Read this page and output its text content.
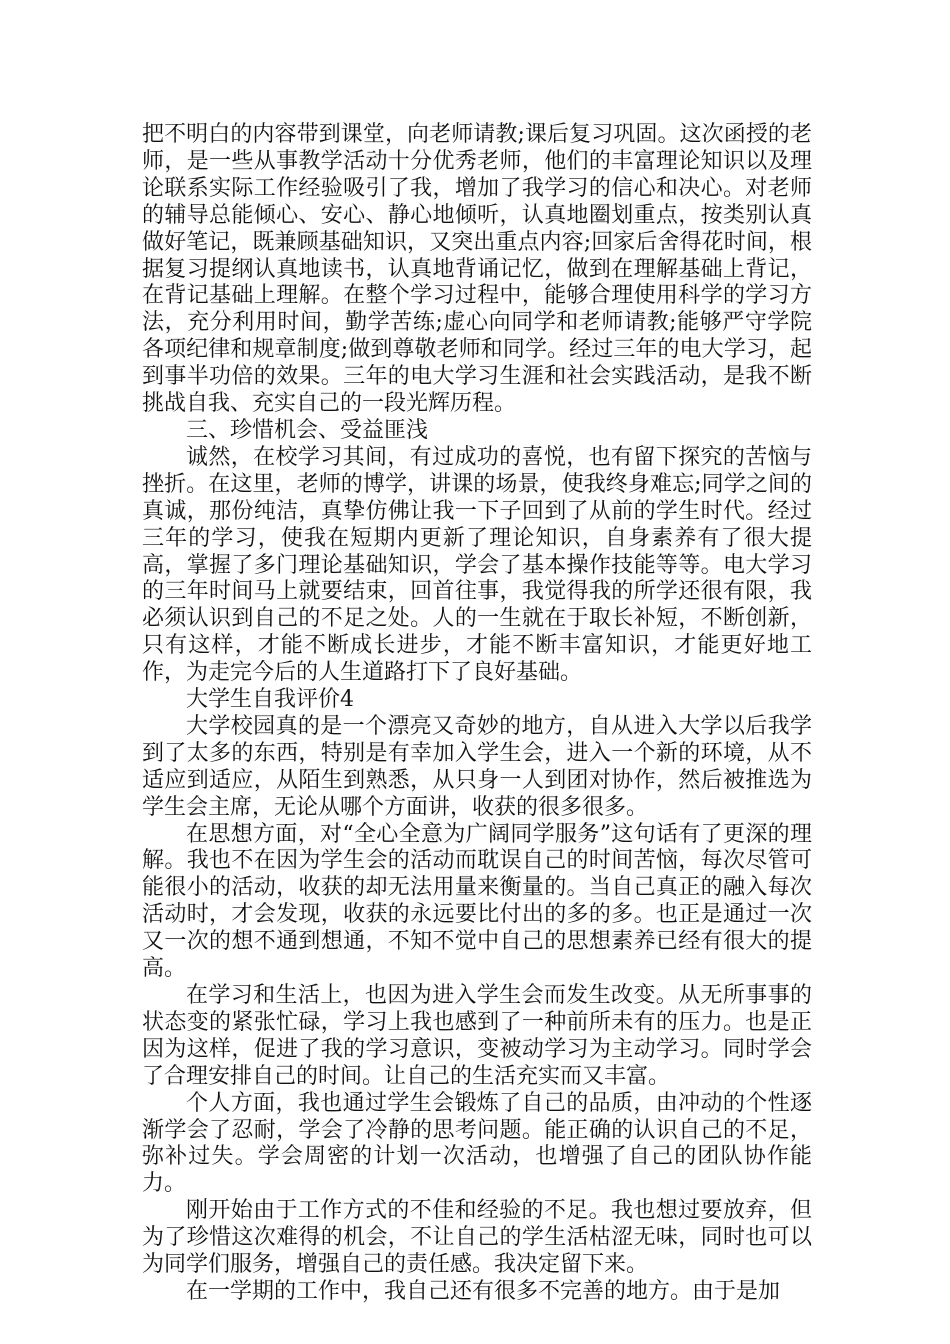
把不明白的内容带到课堂，向老师请教;课后复习巩固。这次函授的老师，是一些从事教学活动十分优秀老师，他们的丰富理论知识以及理论联系实际工作经验吸引了我，增加了我学习的信心和决心。对老师的辅导总能倾心、安心、静心地倾听，认真地圈划重点，按类别认真做好笔记，既兼顾基础知识，又突出重点内容;回家后舍得花时间，根据复习提纲认真地读书，认真地背诵记忆，做到在理解基础上背记，在背记基础上理解。在整个学习过程中，能够合理使用科学的学习方法，充分利用时间，勤学苦练;虚心向同学和老师请教;能够严守学院各项纪律和规章制度;做到尊敬老师和同学。经过三年的电大学习，起到事半功倍的效果。三年的电大学习生涯和社会实践活动，是我不断挑战自我、充实自己的一段光辉历程。

三、珍惜机会、受益匪浅

诚然，在校学习其间，有过成功的喜悦，也有留下探究的苦恼与挫折。在这里，老师的博学，讲课的场景，使我终身难忘;同学之间的真诚，那份纯洁，真挚仿佛让我一下子回到了从前的学生时代。经过三年的学习，使我在短期内更新了理论知识，自身素养有了很大提高，掌握了多门理论基础知识，学会了基本操作技能等等。电大学习的三年时间马上就要结束，回首往事，我觉得我的所学还很有限，我必须认识到自己的不足之处。人的一生就在于取长补短，不断创新，只有这样，才能不断成长进步，才能不断丰富知识，才能更好地工作，为走完今后的人生道路打下了良好基础。

大学生自我评价4

大学校园真的是一个漂亮又奇妙的地方，自从进入大学以后我学到了太多的东西，特别是有幸加入学生会，进入一个新的环境，从不适应到适应，从陌生到熟悉，从只身一人到团对协作，然后被推选为学生会主席，无论从哪个方面讲，收获的很多很多。

在思想方面，对“全心全意为广阔同学服务”这句话有了更深的理解。我也不在因为学生会的活动而耽误自己的时间苦恼，每次尽管可能很小的活动，收获的却无法用量来衡量的。当自己真正的融入每次活动时，才会发现，收获的永远要比付出的多的多。也正是通过一次又一次的想不通到想通，不知不觉中自己的思想素养已经有很大的提高。

在学习和生活上，也因为进入学生会而发生改变。从无所事事的状态变的紧张忙碌，学习上我也感到了一种前所未有的压力。也是正因为这样，促进了我的学习意识，变被动学习为主动学习。同时学会了合理安排自己的时间。让自己的生活充实而又丰富。

个人方面，我也通过学生会锻炼了自己的品质，由冲动的个性逐渐学会了忍耐，学会了冷静的思考问题。能正确的认识自己的不足，弥补过失。学会周密的计划一次活动，也增强了自己的团队协作能力。

刚开始由于工作方式的不佳和经验的不足。我也想过要放弃，但为了珍惜这次难得的机会，不让自己的学生活枯涩无味，同时也可以为同学们服务，增强自己的责任感。我决定留下来。

在一学期的工作中，我自己还有很多不完善的地方。由于是加
